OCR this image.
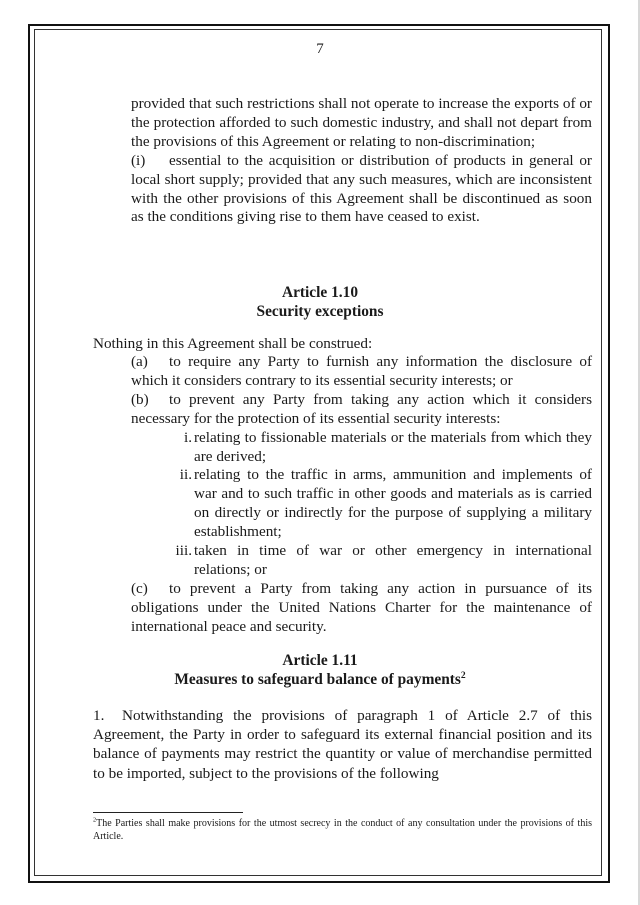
7

provided that such restrictions shall not operate to increase the exports of or the protection afforded to such domestic industry, and shall not depart from the provisions of this Agreement or relating to non-discrimination;

(i) essential to the acquisition or distribution of products in general or local short supply; provided that any such measures, which are inconsistent with the other provisions of this Agreement shall be discontinued as soon as the conditions giving rise to them have ceased to exist.

Article 1.10
Security exceptions
Nothing in this Agreement shall be construed:

(a) to require any Party to furnish any information the disclosure of which it considers contrary to its essential security interests; or

(b) to prevent any Party from taking any action which it considers necessary for the protection of its essential security interests:

i. relating to fissionable materials or the materials from which they are derived;
ii. relating to the traffic in arms, ammunition and implements of war and to such traffic in other goods and materials as is carried on directly or indirectly for the purpose of supplying a military establishment;
iii. taken in time of war or other emergency in international relations; or

(c) to prevent a Party from taking any action in pursuance of its obligations under the United Nations Charter for the maintenance of international peace and security.

Article 1.11
Measures to safeguard balance of payments$^2$

1. Notwithstanding the provisions of paragraph 1 of Article 2.7 of this Agreement, the Party in order to safeguard its external financial position and its balance of payments may restrict the quantity or value of merchandise permitted to be imported, subject to the provisions of the following

$^2$The Parties shall make provisions for the utmost secrecy in the conduct of any consultation under the provisions of this Article.
